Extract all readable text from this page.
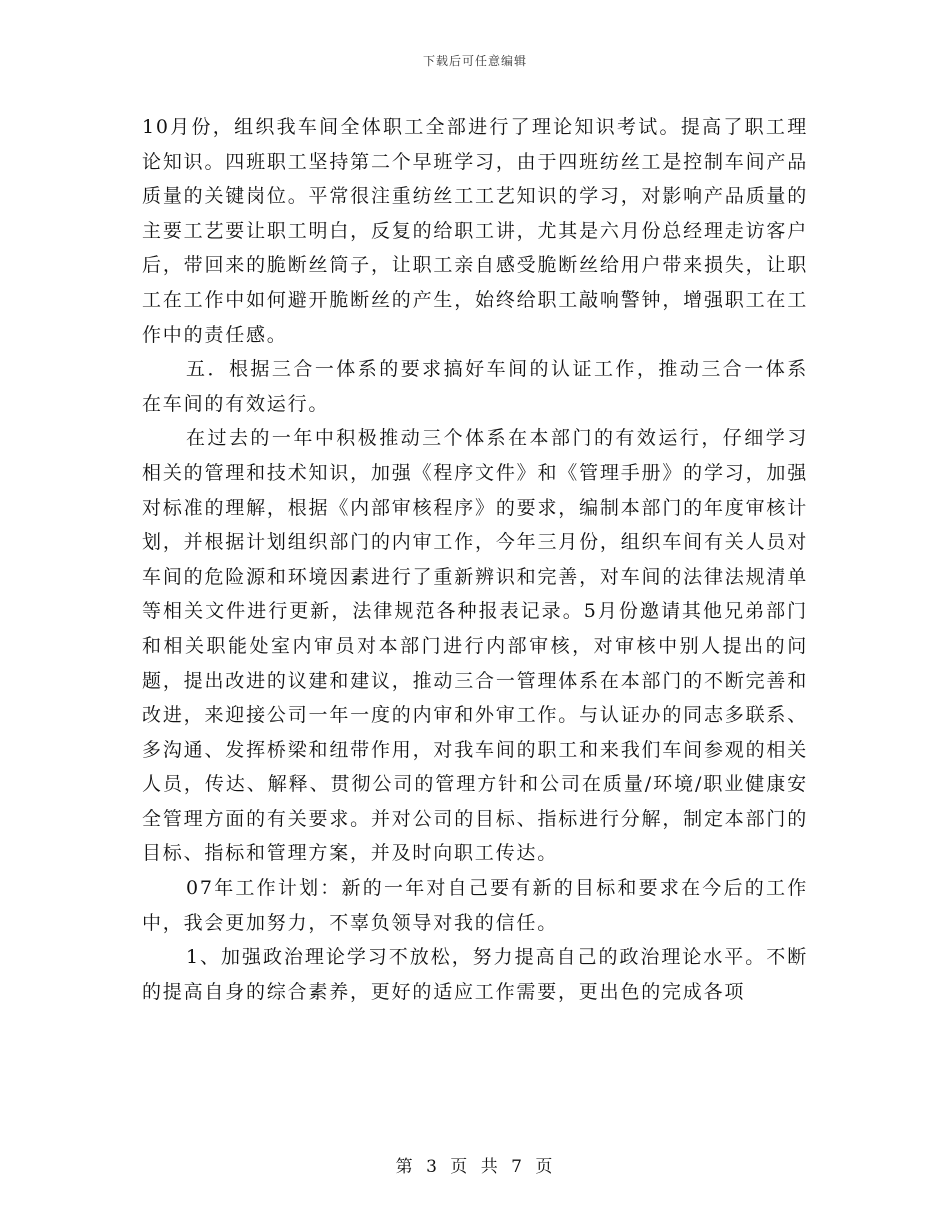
下载后可任意编辑

10月份，组织我车间全体职工全部进行了理论知识考试。提高了职工理论知识。四班职工坚持第二个早班学习，由于四班纺丝工是控制车间产品质量的关键岗位。平常很注重纺丝工工艺知识的学习，对影响产品质量的主要工艺要让职工明白，反复的给职工讲，尤其是六月份总经理走访客户后，带回来的脆断丝筒子，让职工亲自感受脆断丝给用户带来损失，让职工在工作中如何避开脆断丝的产生，始终给职工敲响警钟，增强职工在工作中的责任感。

五．根据三合一体系的要求搞好车间的认证工作，推动三合一体系在车间的有效运行。

在过去的一年中积极推动三个体系在本部门的有效运行，仔细学习相关的管理和技术知识，加强《程序文件》和《管理手册》的学习，加强对标准的理解，根据《内部审核程序》的要求，编制本部门的年度审核计划，并根据计划组织部门的内审工作，今年三月份，组织车间有关人员对车间的危险源和环境因素进行了重新辨识和完善，对车间的法律法规清单等相关文件进行更新，法律规范各种报表记录。5月份邀请其他兄弟部门和相关职能处室内审员对本部门进行内部审核，对审核中别人提出的问题，提出改进的议建和建议，推动三合一管理体系在本部门的不断完善和改进，来迎接公司一年一度的内审和外审工作。与认证办的同志多联系、多沟通、发挥桥梁和纽带作用，对我车间的职工和来我们车间参观的相关人员，传达、解释、贯彻公司的管理方针和公司在质量/环境/职业健康安全管理方面的有关要求。并对公司的目标、指标进行分解，制定本部门的目标、指标和管理方案，并及时向职工传达。

07年工作计划：新的一年对自己要有新的目标和要求在今后的工作中，我会更加努力，不辜负领导对我的信任。

1、加强政治理论学习不放松，努力提高自己的政治理论水平。不断的提高自身的综合素养，更好的适应工作需要，更出色的完成各项

第 3 页 共 7 页
